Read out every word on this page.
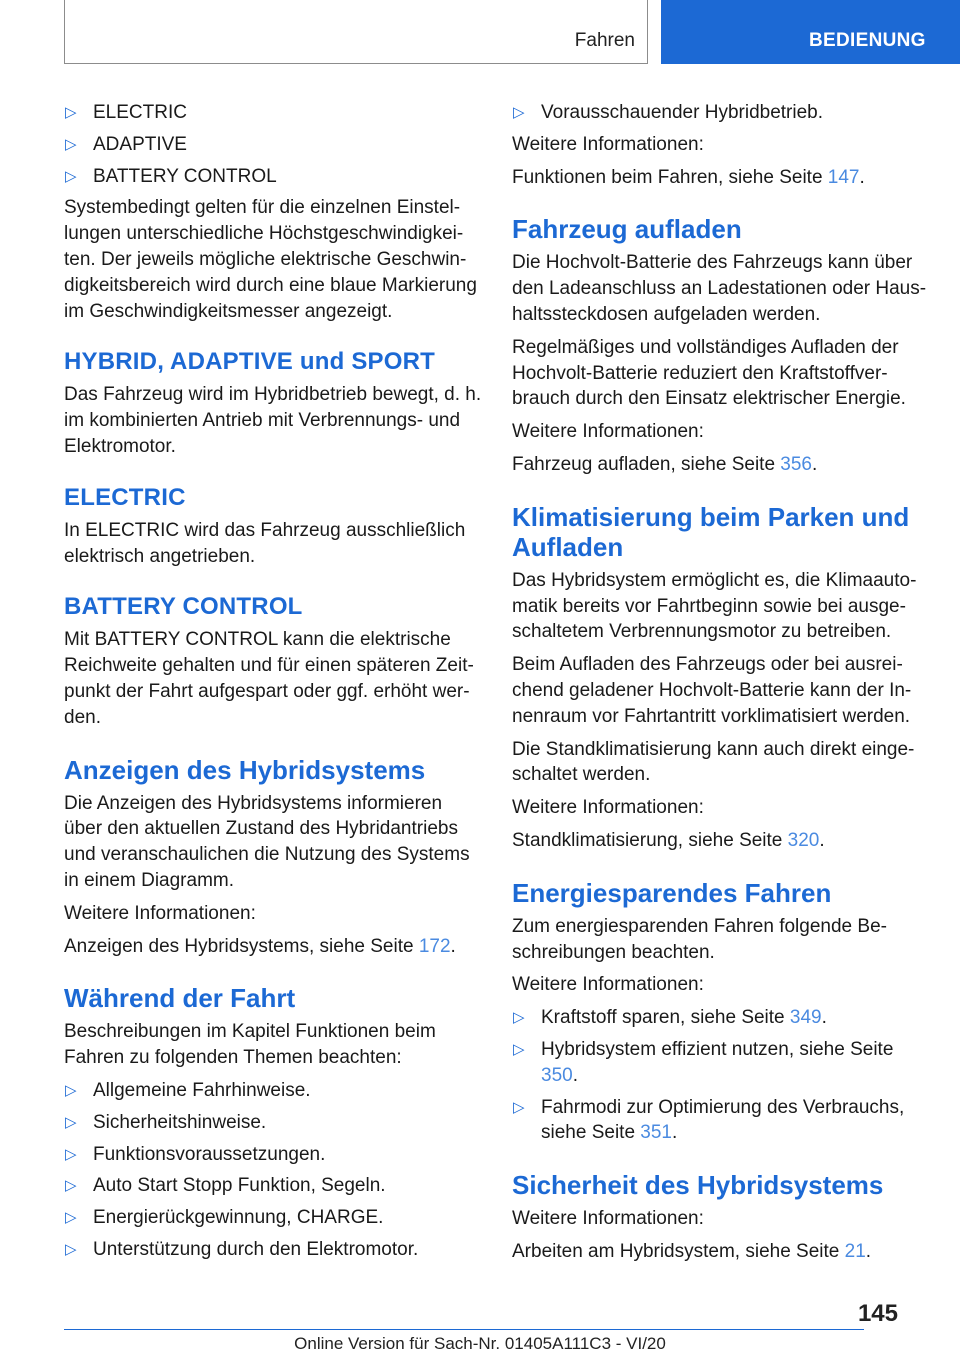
Fahren	BEDIENUNG
▷ ELECTRIC
▷ ADAPTIVE
▷ BATTERY CONTROL

Systembedingt gelten für die einzelnen Einstel-lungen unterschiedliche Höchstgeschwindigkei-ten. Der jeweils mögliche elektrische Geschwin-digkeitsbereich wird durch eine blaue Markierung im Geschwindigkeitsmesser angezeigt.

HYBRID, ADAPTIVE und SPORT

Das Fahrzeug wird im Hybridbetrieb bewegt, d. h. im kombinierten Antrieb mit Verbrennungs- und Elektromotor.

ELECTRIC

In ELECTRIC wird das Fahrzeug ausschließlich elektrisch angetrieben.

BATTERY CONTROL

Mit BATTERY CONTROL kann die elektrische Reichweite gehalten und für einen späteren Zeit-punkt der Fahrt aufgespart oder ggf. erhöht wer-den.

Anzeigen des Hybridsystems

Die Anzeigen des Hybridsystems informieren über den aktuellen Zustand des Hybridantriebs und veranschaulichen die Nutzung des Systems in einem Diagramm.

Weitere Informationen:

Anzeigen des Hybridsystems, siehe Seite 172.

Während der Fahrt

Beschreibungen im Kapitel Funktionen beim Fahren zu folgenden Themen beachten:

▷ Allgemeine Fahrhinweise.
▷ Sicherheitshinweise.
▷ Funktionsvoraussetzungen.
▷ Auto Start Stopp Funktion, Segeln.
▷ Energierückgewinnung, CHARGE.
▷ Unterstützung durch den Elektromotor.
▷ Vorausschauender Hybridbetrieb.

Weitere Informationen:

Funktionen beim Fahren, siehe Seite 147.

Fahrzeug aufladen

Die Hochvolt-Batterie des Fahrzeugs kann über den Ladeanschluss an Ladestationen oder Haus-haltssteckdosen aufgeladen werden.

Regelmäßiges und vollständiges Aufladen der Hochvolt-Batterie reduziert den Kraftstoffver-brauch durch den Einsatz elektrischer Energie.

Weitere Informationen:

Fahrzeug aufladen, siehe Seite 356.

Klimatisierung beim Parken und Aufladen

Das Hybridsystem ermöglicht es, die Klimaauto-matik bereits vor Fahrtbeginn sowie bei ausge-schaltetem Verbrennungsmotor zu betreiben.

Beim Aufladen des Fahrzeugs oder bei ausrei-chend geladener Hochvolt-Batterie kann der In-nenraum vor Fahrtantritt vorklimatisiert werden.

Die Standklimatisierung kann auch direkt einge-schaltet werden.

Weitere Informationen:

Standklimatisierung, siehe Seite 320.

Energiesparendes Fahren

Zum energiesparenden Fahren folgende Be-schreibungen beachten.

Weitere Informationen:

▷ Kraftstoff sparen, siehe Seite 349.
▷ Hybridsystem effizient nutzen, siehe Seite 350.
▷ Fahrmodi zur Optimierung des Verbrauchs, siehe Seite 351.
Sicherheit des Hybridsystems

Weitere Informationen:

Arbeiten am Hybridsystem, siehe Seite 21.

145
Online Version für Sach-Nr. 01405A111C3 - VI/20
